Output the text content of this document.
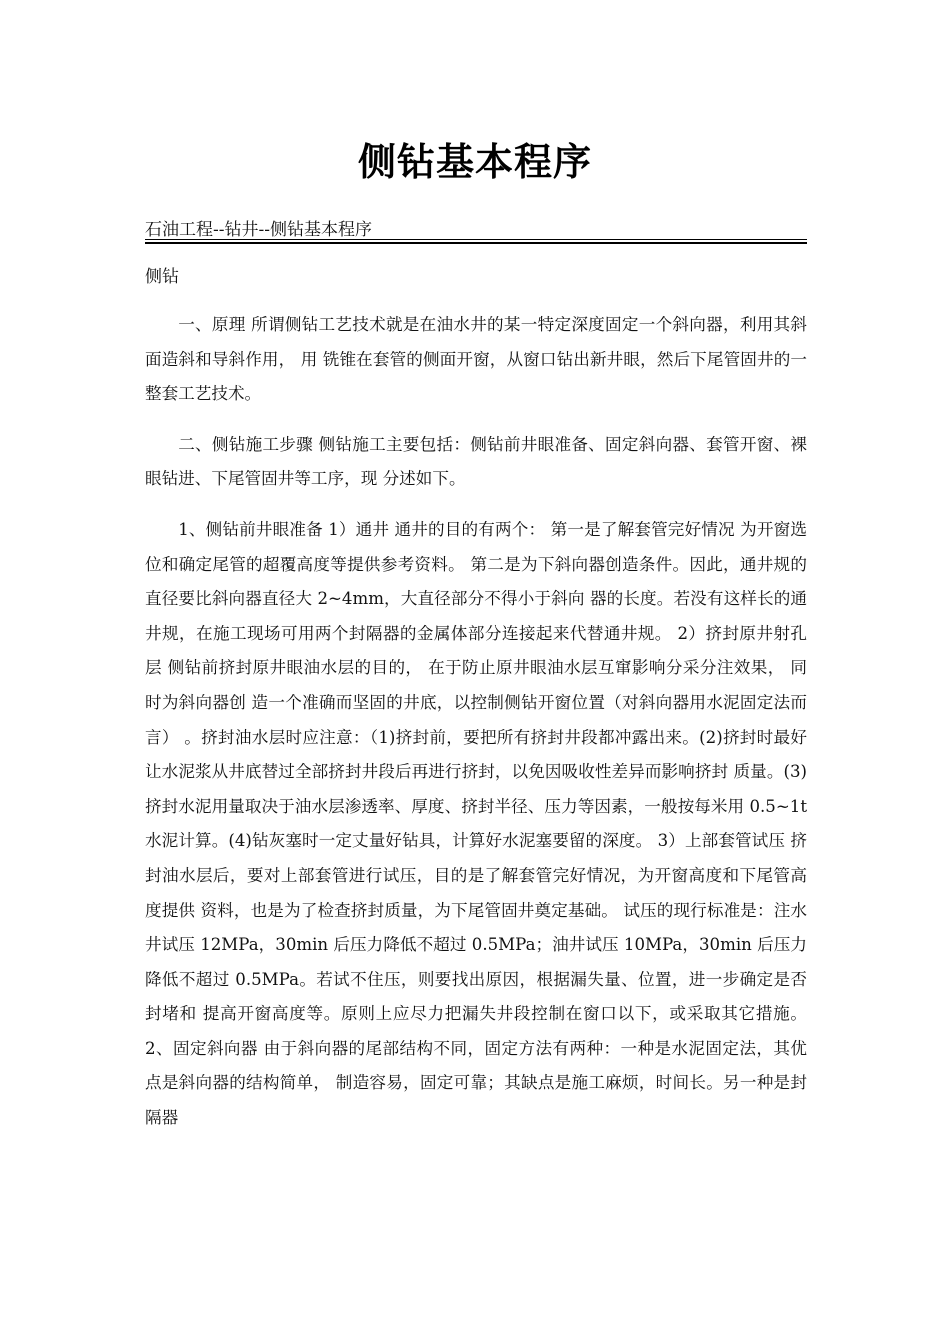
侧钻基本程序
石油工程--钻井--侧钻基本程序
侧钻

一、原理 所谓侧钻工艺技术就是在油水井的某一特定深度固定一个斜向器，利用其斜面造斜和导斜作用， 用 铣锥在套管的侧面开窗，从窗口钻出新井眼，然后下尾管固井的一整套工艺技术。

二、侧钻施工步骤 侧钻施工主要包括：侧钻前井眼准备、固定斜向器、套管开窗、裸眼钻进、下尾管固井等工序，现 分述如下。

1、侧钻前井眼准备 1）通井 通井的目的有两个： 第一是了解套管完好情况 为开窗选位和确定尾管的超覆高度等提供参考资料。 第二是为下斜向器创造条件。因此，通井规的直径要比斜向器直径大 2~4mm，大直径部分不得小于斜向 器的长度。若没有这样长的通井规，在施工现场可用两个封隔器的金属体部分连接起来代替通井规。 2）挤封原井射孔层 侧钻前挤封原井眼油水层的目的， 在于防止原井眼油水层互窜影响分采分注效果， 同时为斜向器创 造一个准确而坚固的井底，以控制侧钻开窗位置（对斜向器用水泥固定法而言） 。挤封油水层时应注意：（1)挤封前，要把所有挤封井段都冲露出来。(2)挤封时最好让水泥浆从井底替过全部挤封井段后再进行挤封，以免因吸收性差异而影响挤封 质量。(3)挤封水泥用量取决于油水层渗透率、厚度、挤封半径、压力等因素，一般按每米用 0.5~1t 水泥计算。(4)钻灰塞时一定丈量好钻具，计算好水泥塞要留的深度。 3）上部套管试压 挤封油水层后，要对上部套管进行试压，目的是了解套管完好情况，为开窗高度和下尾管高度提供 资料，也是为了检查挤封质量，为下尾管固井奠定基础。 试压的现行标准是：注水井试压 12MPa，30min 后压力降低不超过 0.5MPa；油井试压 10MPa，30min 后压力降低不超过 0.5MPa。若试不住压，则要找出原因，根据漏失量、位置，进一步确定是否封堵和 提高开窗高度等。原则上应尽力把漏失井段控制在窗口以下，或采取其它措施。 2、固定斜向器 由于斜向器的尾部结构不同，固定方法有两种：一种是水泥固定法，其优点是斜向器的结构简单， 制造容易，固定可靠；其缺点是施工麻烦，时间长。另一种是封隔器
